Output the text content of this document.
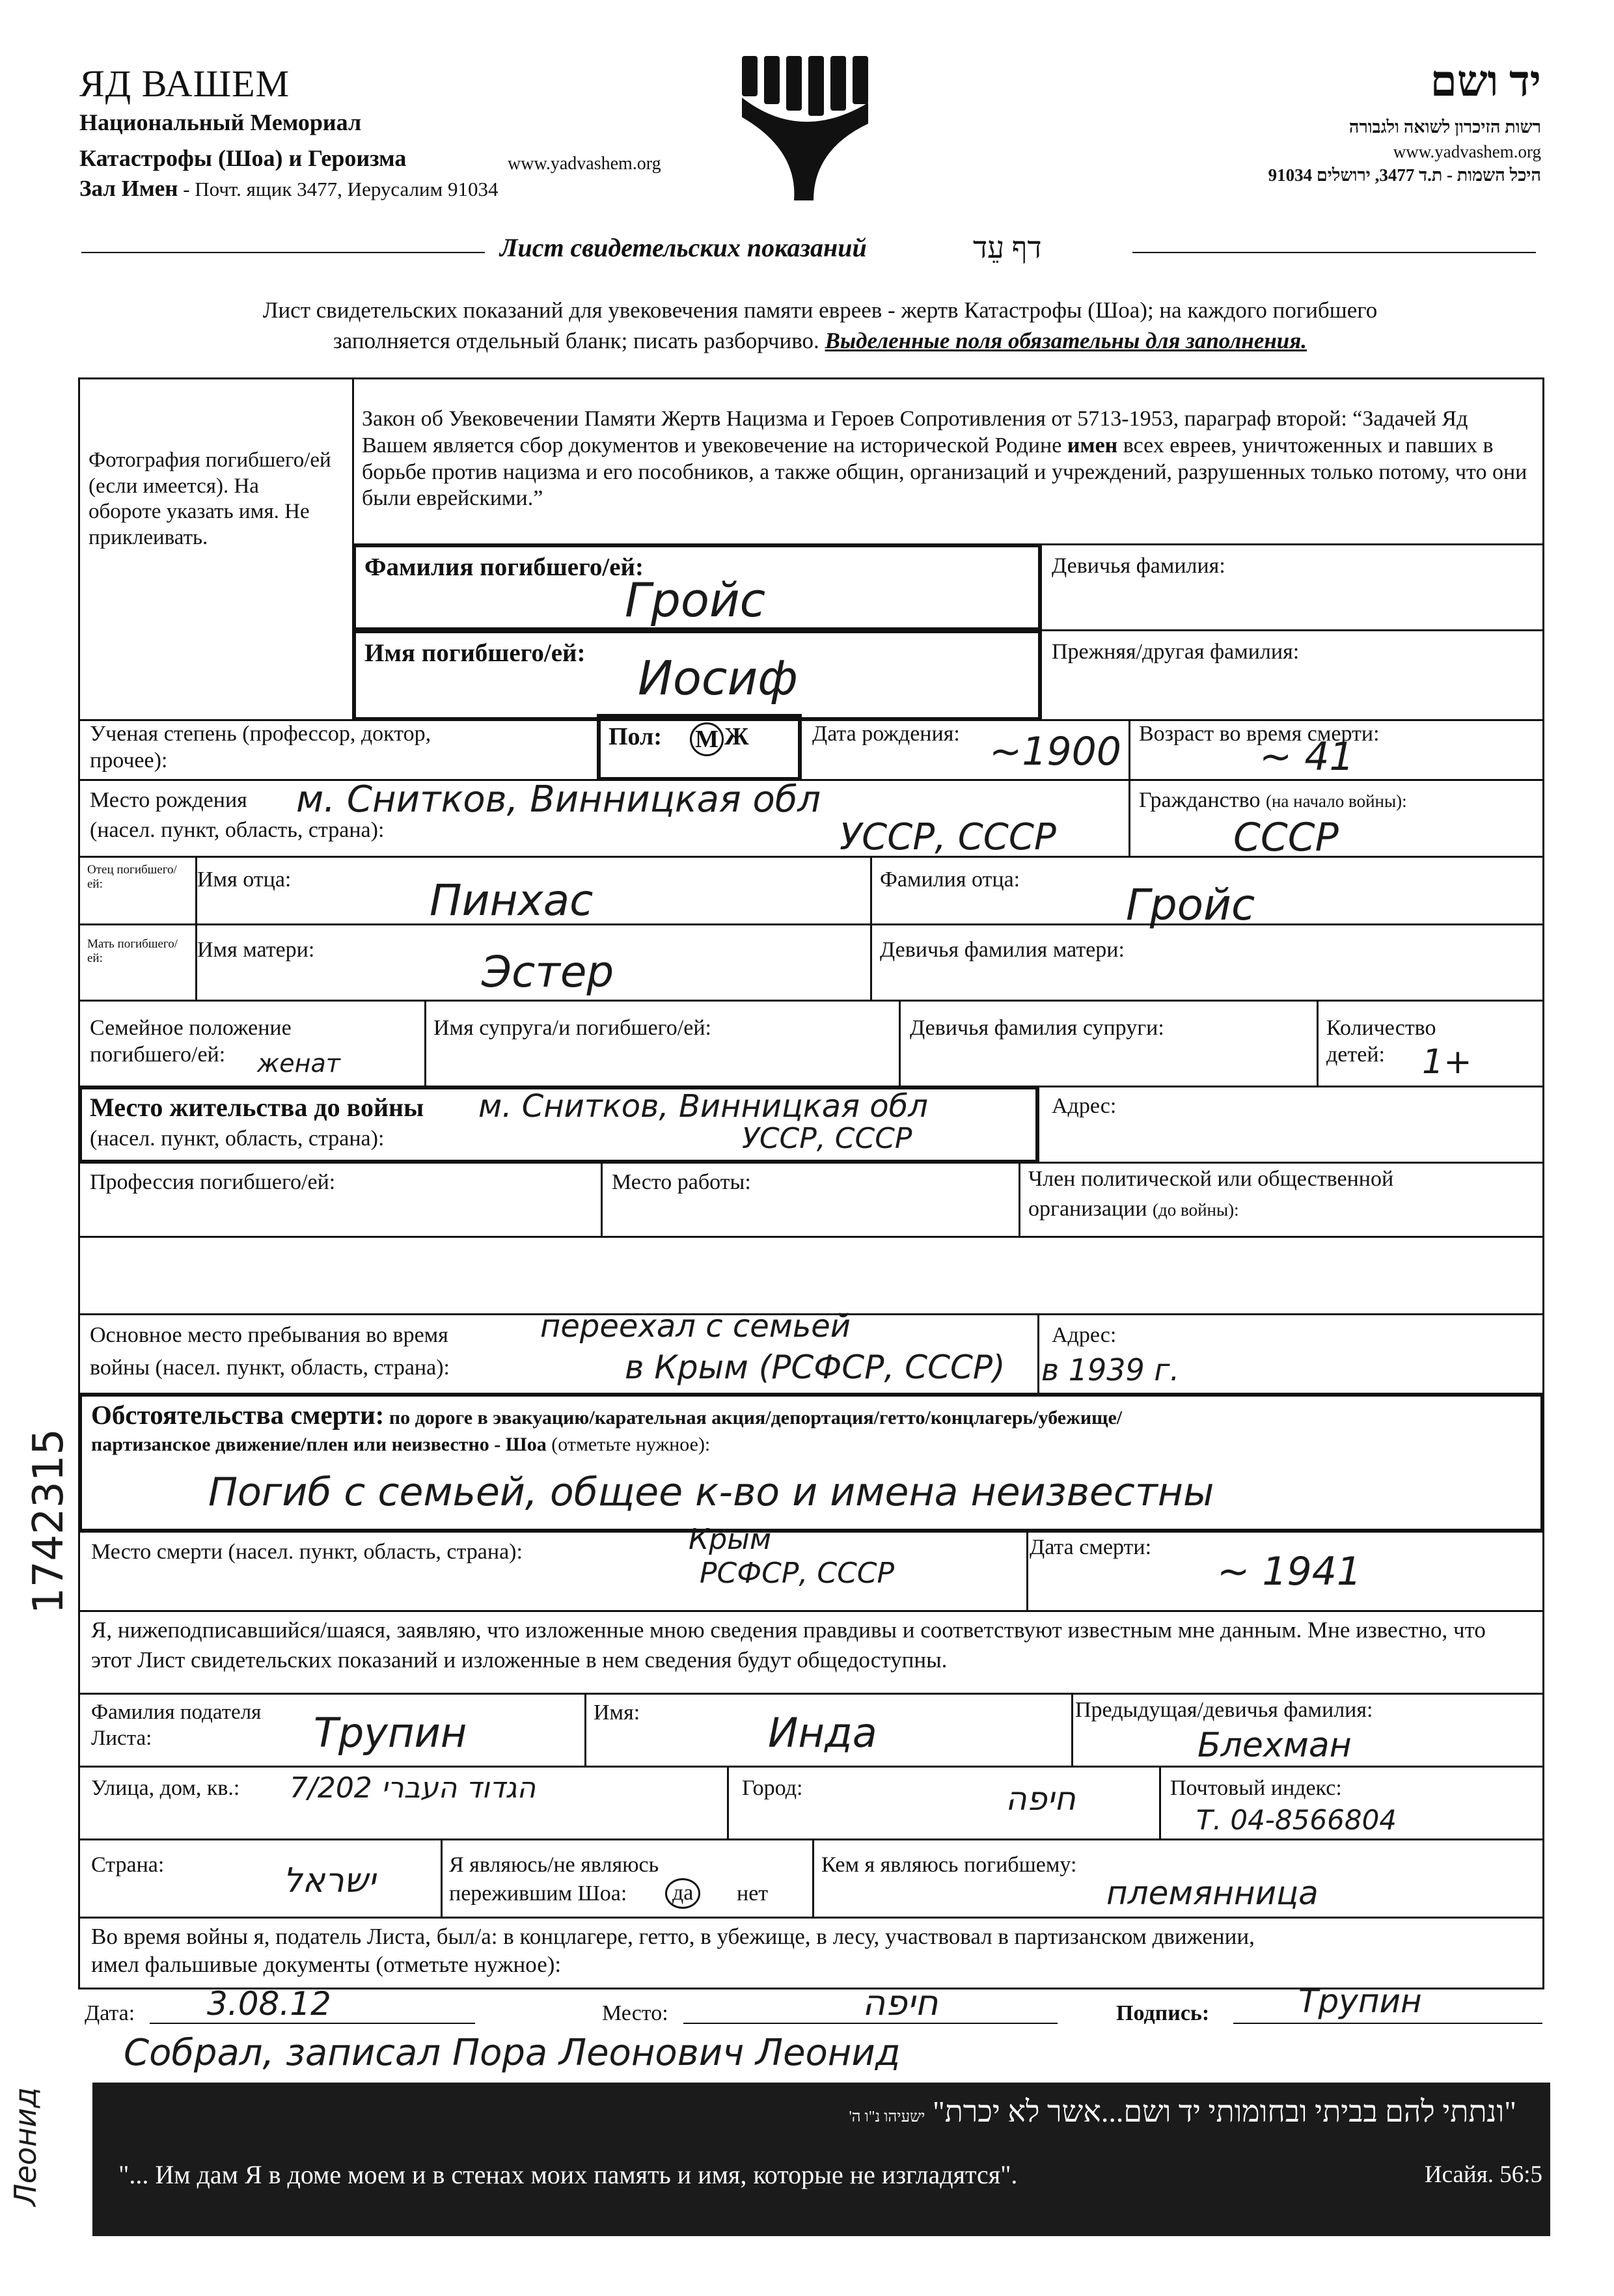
ЯД ВАШЕМ
Национальный Мемориал
Катастрофы (Шоа) и Героизма
Зал Имен - Почт. ящик 3477, Иерусалим 91034
www.yadvashem.org
יד ושם
רשות הזיכרון לשואה ולגבורה
www.yadvashem.org
היכל השמות - ת.ד 3477, ירושלים 91034
Лист свидетельских показаний	דף עֵד
Лист свидетельских показаний для увековечения памяти евреев - жертв Катастрофы (Шоа); на каждого погибшего
заполняется отдельный бланк; писать разборчиво. Выделенные поля обязательны для заполнения.
Фотография погибшего/ей (если имеется). На обороте указать имя. Не приклеивать.
Закон об Увековечении Памяти Жертв Нацизма и Героев Сопротивления от 5713-1953, параграф второй: “Задачей Яд Вашем является сбор документов и увековечение на исторической Родине имен всех евреев, уничтоженных и павших в борьбе против нацизма и его пособников, а также общин, организаций и учреждений, разрушенных только потому, что они были еврейскими.”
Фамилия погибшего/ей:
Гройс
Девичья фамилия:
Имя погибшего/ей: Иосиф	Прежняя/другая фамилия:
Ученая степень (профессор, доктор, прочее):
Пол: М Ж	Дата рождения: ~1900 Возраст во время смерти:
~ 41
Место рождения
(насел. пункт, область, страна):
м. Снитков, Винницкая обл
УССР, СССР
Гражданство (на начало войны):
СССР
Отец погибшего/ей:	Имя отца:	Пинхас	Фамилия отца:
Гройс
Мать погибшего/ей:	Имя матери:	Эстер	Девичья фамилия матери:
Семейное положение погибшего/ей:	женат
Имя супруга/и погибшего/ей:	Девичья фамилия супруги:	Количество детей:	1+
Место жительства до войны
(насел. пункт, область, страна):
м. Снитков, Винницкая обл
УССР, СССР
Адрес:
Профессия погибшего/ей:	Место работы:	Член политической или общественной
организации (до войны):
Основное место пребывания во время
войны (насел. пункт, область, страна):
переехал с семьей
в Крым (РСФСР, СССР)
Адрес:
в 1939 г.
Обстоятельства смерти: по дороге в эвакуацию/карательная акция/депортация/гетто/концлагерь/убежище/
партизанское движение/плен или неизвестно - Шоа (отметьте нужное):
Погиб с семьей, общее к-во и имена неизвестны
Место смерти (насел. пункт, область, страна):	Крым
РСФСР, СССР
Дата смерти:
~ 1941
Я, нижеподписавшийся/шаяся, заявляю, что изложенные мною сведения правдивы и соответствуют известным мне данным. Мне известно, что этот Лист свидетельских показаний и изложенные в нем сведения будут общедоступны.
Фамилия подателя Листа:	Трупин	Имя:	Инда	Предыдущая/девичья фамилия:
Блехман
Улица, дом, кв.: 7/202 הגדוד העברי	Город:	חיפה	Почтовый индекс:
Т. 04-8566804
Страна:	ישראל	Я являюсь/не являюсь
пережившим Шоа:	да	нет
Кем я являюсь погибшему:
племянница
Во время войны я, податель Листа, был/а: в концлагере, гетто, в убежище, в лесу, участвовал в партизанском движении,
имел фальшивые документы (отметьте нужное):
Дата: 3.08.12	Место:	חיפה	Подпись:	Трупин
Собрал, записал Пора Леонович Леонид
"ונתתי להם בביתי ובחומותי יד ושם...אשר לא יכרת" ישעיהו נ"ו ה'
"... Им дам Я в доме моем и в стенах моих память и имя, которые не изгладятся".	Исайя. 56:5
1742315
Леонид
